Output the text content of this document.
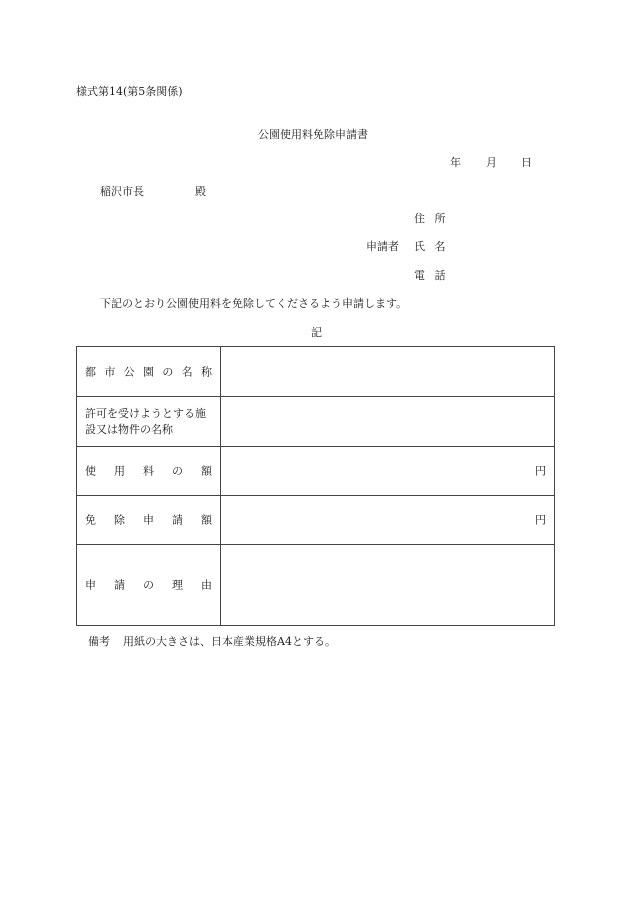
様式第14(第5条関係)
公園使用料免除申請書
年 月 日
稲沢市長	殿
住 所
申請者 氏 名
電 話
下記のとおり公園使用料を免除してくださるよう申請します。
記
都 市 公 園 の 名 称
許可を受けようとする施設又は物件の名称
使 用 料 の 額	円
免 除 申 請 額	円
申 請 の 理 由
備考 用紙の大きさは、日本産業規格A4とする。
